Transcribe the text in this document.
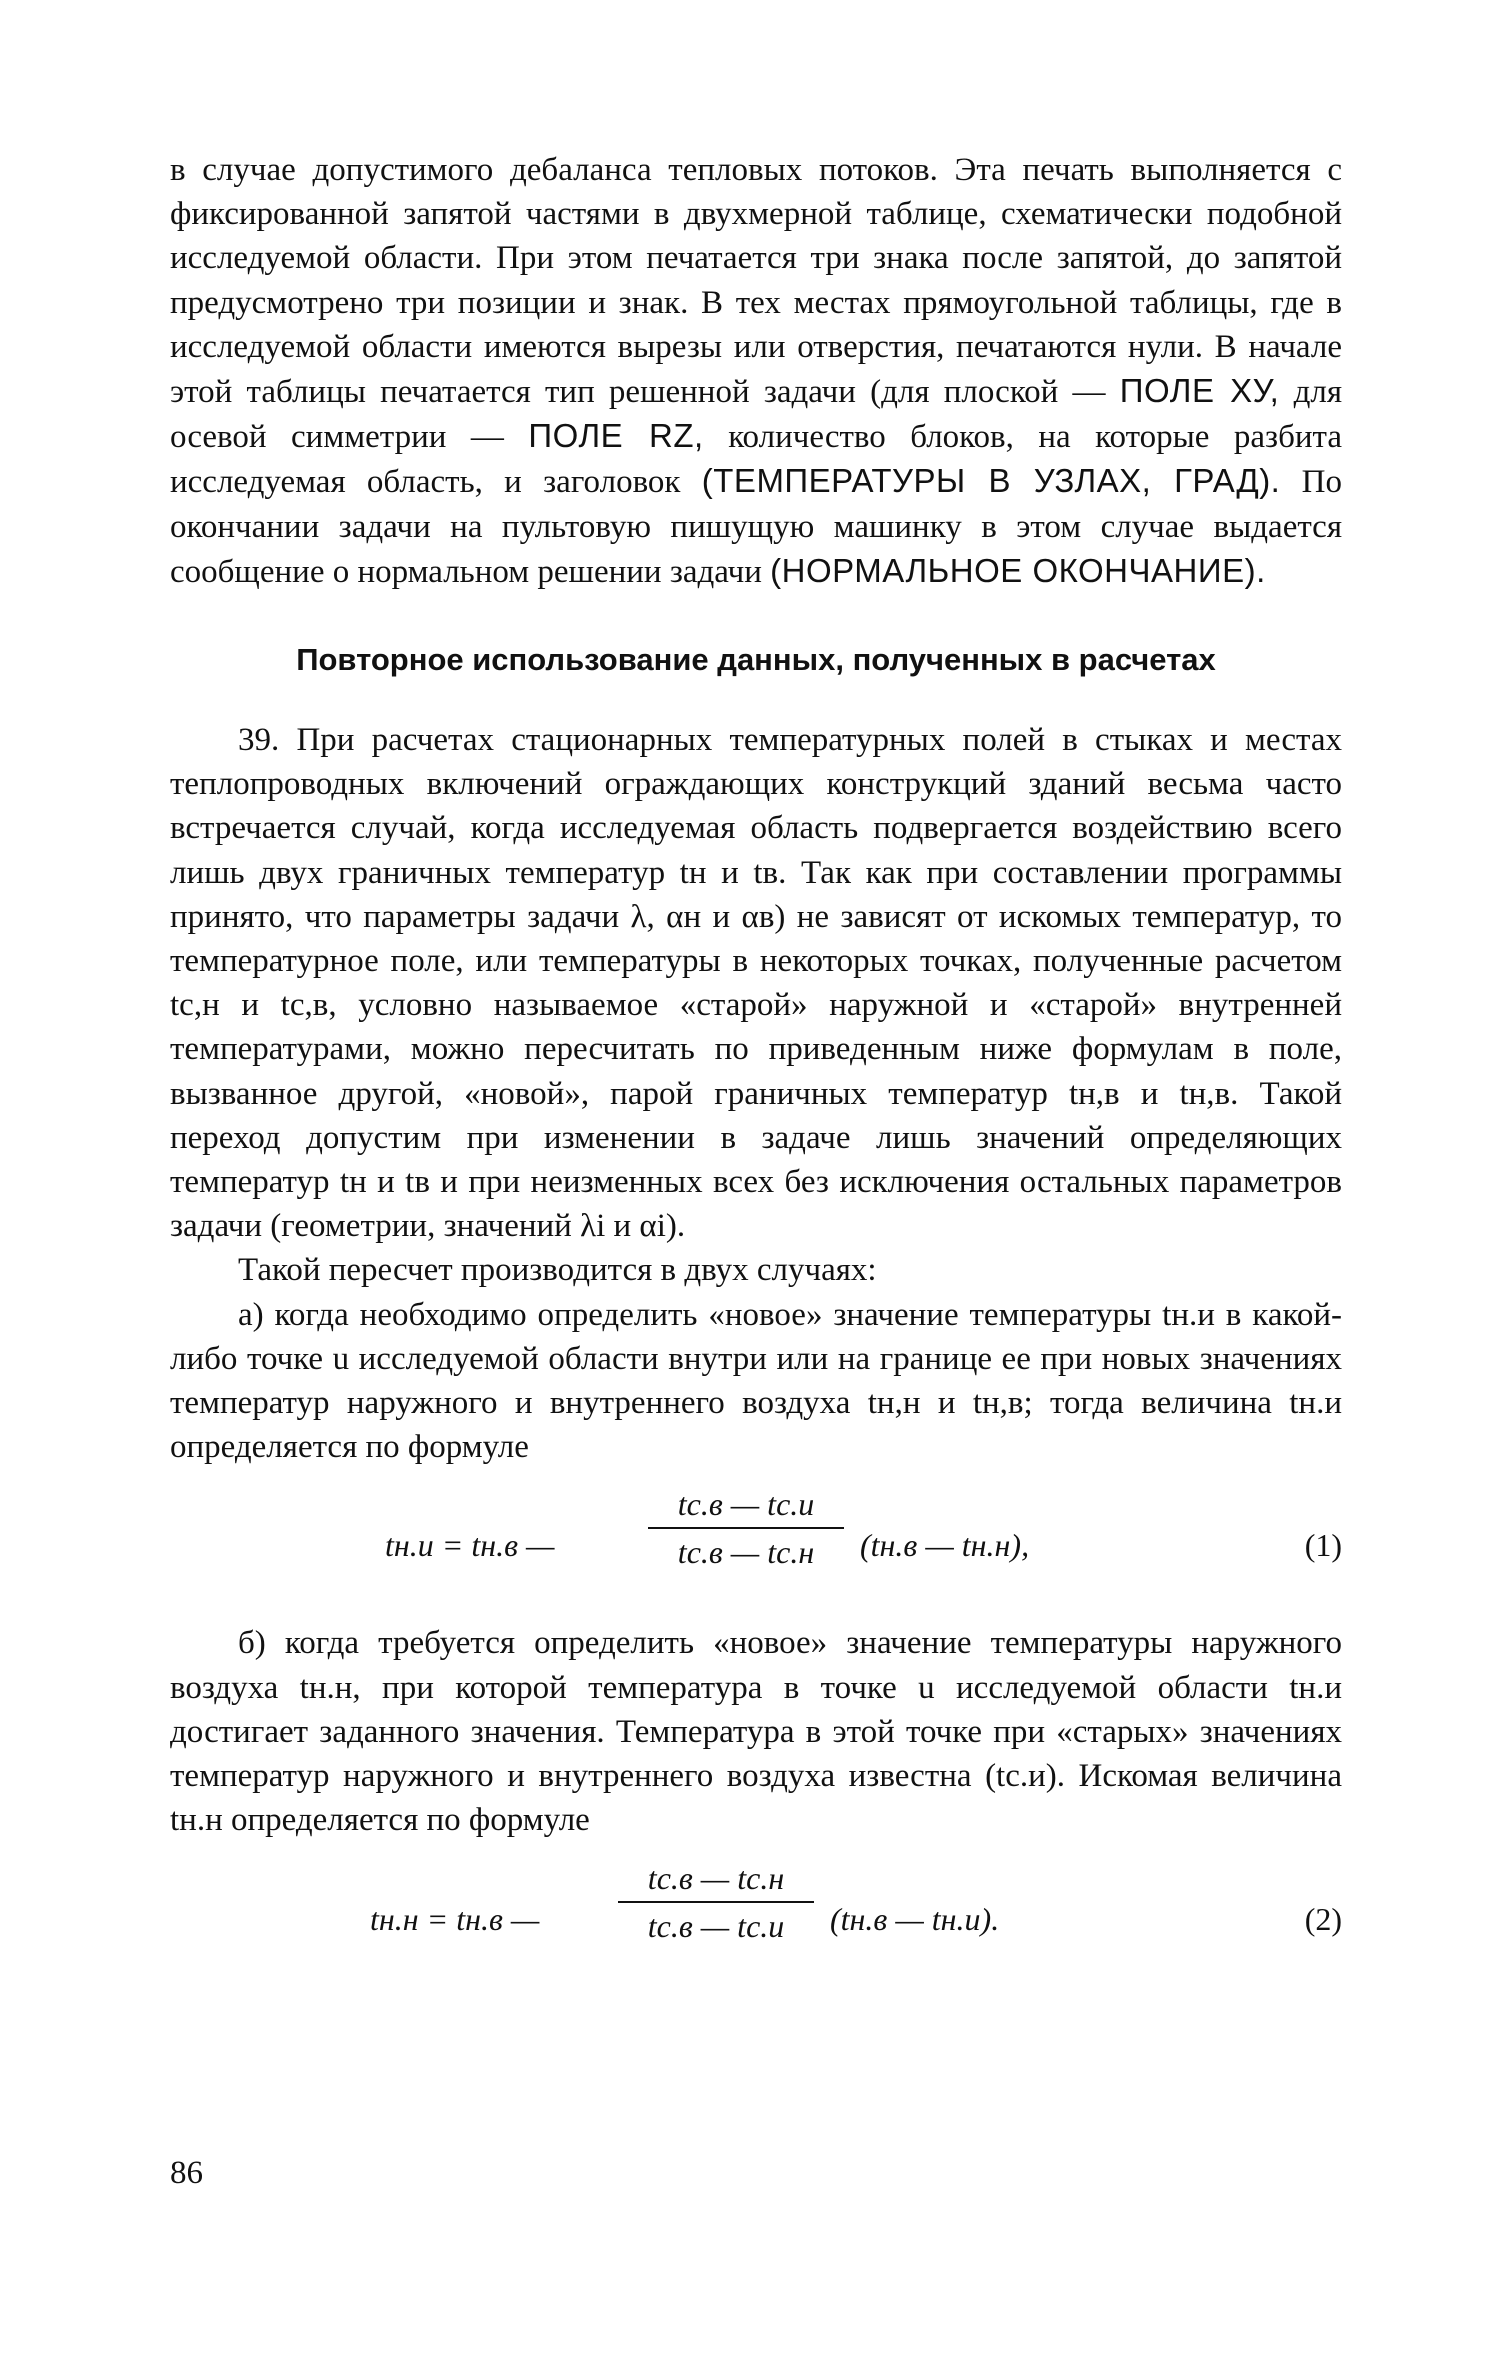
в случае допустимого дебаланса тепловых потоков. Эта печать выполняется с фиксированной запятой частями в двухмерной таблице, схематически подобной исследуемой области. При этом печатается три знака после запятой, до запятой предусмотрено три позиции и знак. В тех местах прямоугольной таблицы, где в исследуемой области имеются вырезы или отверстия, печатаются нули. В начале этой таблицы печатается тип решенной задачи (для плоской — ПОЛЕ ХУ, для осевой симметрии — ПОЛЕ RZ, количество блоков, на которые разбита исследуемая область, и заголовок (ТЕМПЕРАТУРЫ В УЗЛАХ, ГРАД). По окончании задачи на пультовую пишущую машинку в этом случае выдается сообщение о нормальном решении задачи (НОРМАЛЬНОЕ ОКОНЧАНИЕ).

Повторное использование данных, полученных в расчетах

39. При расчетах стационарных температурных полей в стыках и местах теплопроводных включений ограждающих конструкций зданий весьма часто встречается случай, когда исследуемая область подвергается воздействию всего лишь двух граничных температур tн и tв. Так как при составлении программы принято, что параметры задачи λ, αн и αв) не зависят от искомых температур, то температурное поле, или температуры в некоторых точках, полученные расчетом tс,н и tс,в, условно называемое «старой» наружной и «старой» внутренней температурами, можно пересчитать по приведенным ниже формулам в поле, вызванное другой, «новой», парой граничных температур tн,в и tн,в. Такой переход допустим при изменении в задаче лишь значений определяющих температур tн и tв и при неизменных всех без исключения остальных параметров задачи (геометрии, значений λi и αi).

Такой пересчет производится в двух случаях:

а) когда необходимо определить «новое» значение температуры tн.и в какой-либо точке u исследуемой области внутри или на границе ее при новых значениях температур наружного и внутреннего воздуха tн,н и tн,в; тогда величина tн.и определяется по формуле

tн.и = tн.в —
tс.в — tс.и
tс.в — tс.н	(tн.в — tн.н),	(1)

б) когда требуется определить «новое» значение температуры наружного воздуха tн.н, при которой температура в точке u исследуемой области tн.и достигает заданного значения. Температура в этой точке при «старых» значениях температур наружного и внутреннего воздуха известна (tс.и). Искомая величина tн.н определяется по формуле

tн.н = tн.в —
tс.в — tс.н
tс.в — tс.и	(tн.в — tн.и).	(2)
86
